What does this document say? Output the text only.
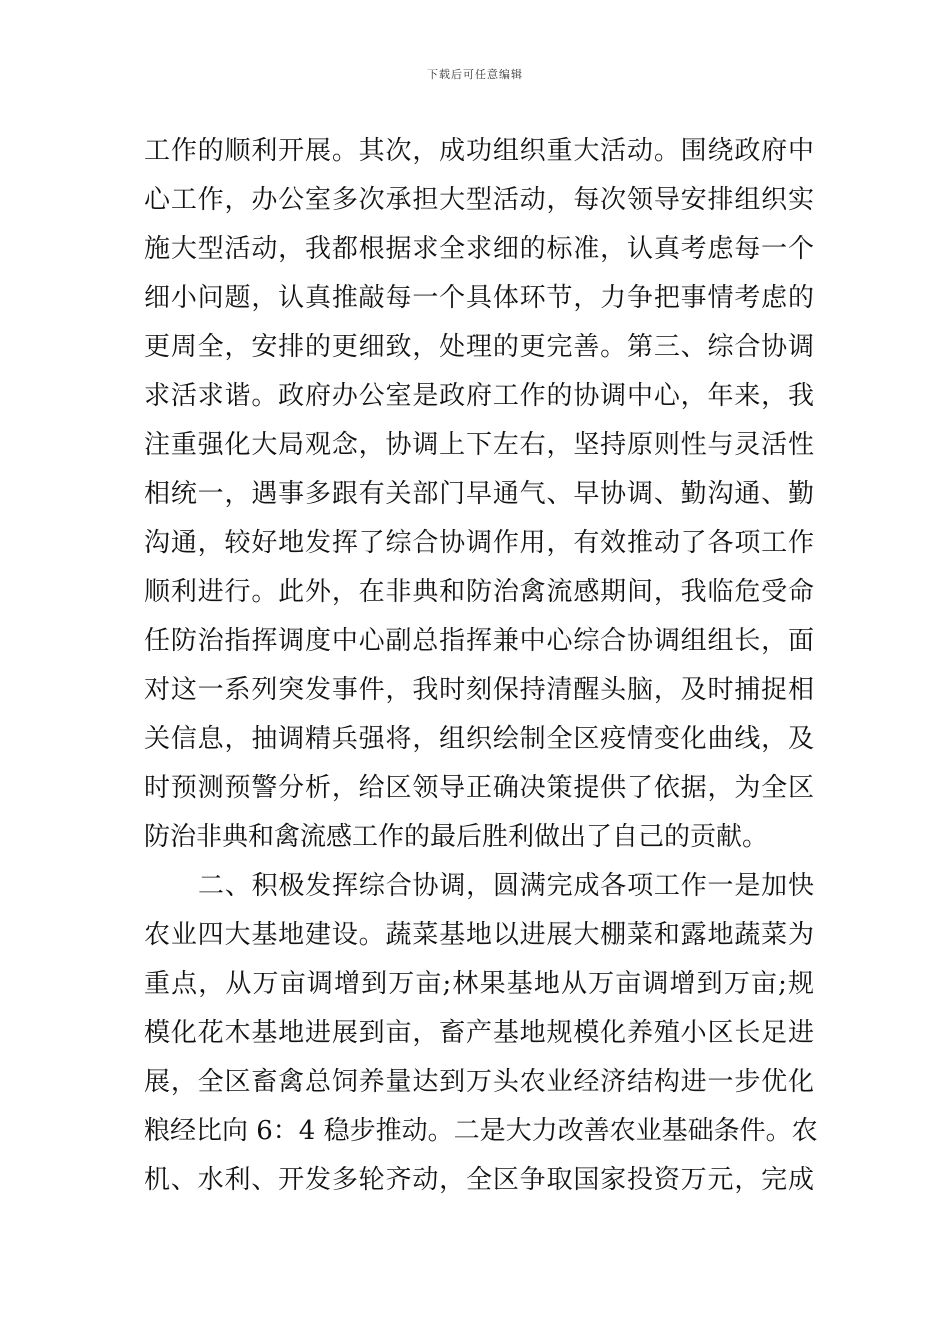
下载后可任意编辑
工作的顺利开展。其次，成功组织重大活动。围绕政府中
心工作，办公室多次承担大型活动，每次领导安排组织实
施大型活动，我都根据求全求细的标准，认真考虑每一个
细小问题，认真推敲每一个具体环节，力争把事情考虑的
更周全，安排的更细致，处理的更完善。第三、综合协调
求活求谐。政府办公室是政府工作的协调中心，年来，我
注重强化大局观念，协调上下左右，坚持原则性与灵活性
相统一，遇事多跟有关部门早通气、早协调、勤沟通、勤
沟通，较好地发挥了综合协调作用，有效推动了各项工作
顺利进行。此外，在非典和防治禽流感期间，我临危受命
任防治指挥调度中心副总指挥兼中心综合协调组组长，面
对这一系列突发事件，我时刻保持清醒头脑，及时捕捉相
关信息，抽调精兵强将，组织绘制全区疫情变化曲线，及
时预测预警分析，给区领导正确决策提供了依据，为全区
防治非典和禽流感工作的最后胜利做出了自己的贡献。
二、积极发挥综合协调，圆满完成各项工作一是加快
农业四大基地建设。蔬菜基地以进展大棚菜和露地蔬菜为
重点，从万亩调增到万亩;林果基地从万亩调增到万亩;规
模化花木基地进展到亩，畜产基地规模化养殖小区长足进
展，全区畜禽总饲养量达到万头农业经济结构进一步优化
粮经比向 6：4 稳步推动。二是大力改善农业基础条件。农
机、水利、开发多轮齐动，全区争取国家投资万元，完成
